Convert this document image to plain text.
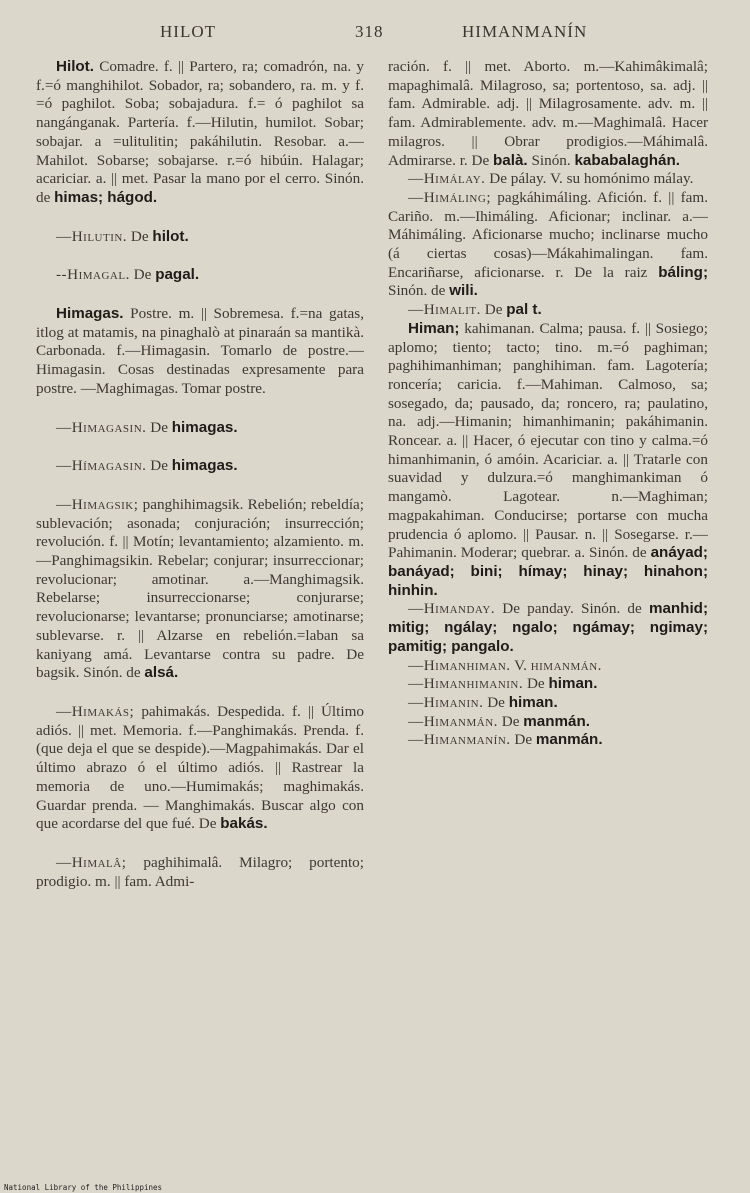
HILOT	318	HIMANMANÍN

Hilot. Comadre. f. || Partero, ra; comadrón, na. y f.=ó manghihilot. Sobador, ra; sobandero, ra. m. y f. =ó paghilot. Soba; sobajadura. f.= ó paghilot sa nangánganak. Partería. f.—Hilutin, humilot. Sobar; sobajar. a =ulitulitin; pakáhilutin. Resobar. a.—Mahilot. Sobarse; sobajarse. r.=ó hibúin. Halagar; acariciar. a. || met. Pasar la mano por el cerro. Sinón. de himas; hágod.

—Hilutin. De hilot.

--Himagal. De pagal.

Himagas. Postre. m. || Sobremesa. f.=na gatas, itlog at matamis, na pinaghalò at pinaraán sa mantikà. Carbonada. f.—Himagasin. Tomarlo de postre.—Himagasin. Cosas destinadas expresamente para postre. —Maghimagas. Tomar postre.

—Himagasin. De himagas.

—Hímagasin. De himagas.

—Himagsik; panghihimagsik. Rebelión; rebeldía; sublevación; asonada; conjuración; insurrección; revolución. f. || Motín; levantamiento; alzamiento. m.—Panghimagsikin. Rebelar; conjurar; insurreccionar; revolucionar; amotinar. a.—Manghimagsik. Rebelarse; insurreccionarse; conjurarse; revolucionarse; levantarse; pronunciarse; amotinarse; sublevarse. r. || Alzarse en rebelión.=laban sa kaniyang amá. Levantarse contra su padre. De bagsik. Sinón. de alsá.

—Himakás; pahimakás. Despedida. f. || Último adiós. || met. Memoria. f.—Panghimakás. Prenda. f. (que deja el que se despide).—Magpahimakás. Dar el último abrazo ó el último adiós. || Rastrear la memoria de uno.—Humimakás; maghimakás. Guardar prenda. — Manghimakás. Buscar algo con que acordarse del que fué. De bakás.

—Himalâ; paghihimalâ. Milagro; portento; prodigio. m. || fam. Admi-

ración. f. || met. Aborto. m.—Kahimâkimalâ; mapaghimalâ. Milagroso, sa; portentoso, sa. adj. || fam. Admirable. adj. || Milagrosamente. adv. m. || fam. Admirablemente. adv. m.—Maghimalâ. Hacer milagros. || Obrar prodigios.—Máhimalâ. Admirarse. r. De balà. Sinón. kababalaghán.

—Himálay. De pálay. V. su homónimo málay.

—Himáling; pagkáhimáling. Afición. f. || fam. Cariño. m.—Ihimáling. Aficionar; inclinar. a.—Máhimáling. Aficionarse mucho; inclinarse mucho (á ciertas cosas)—Mákahimalingan. fam. Encariñarse, aficionarse. r. De la raiz báling; Sinón. de wili.

—Himalit. De pal t.

Himan; kahimanan. Calma; pausa. f. || Sosiego; aplomo; tiento; tacto; tino. m.=ó paghiman; paghihimanhiman; panghihiman. fam. Lagotería; roncería; caricia. f.—Mahiman. Calmoso, sa; sosegado, da; pausado, da; roncero, ra; paulatino, na. adj.—Himanin; himanhimanin; pakáhimanin. Roncear. a. || Hacer, ó ejecutar con tino y calma.=ó himanhimanin, ó amóin. Acariciar. a. || Tratarle con suavidad y dulzura.=ó manghimankiman ó mangamò. Lagotear. n.—Maghiman; magpakahiman. Conducirse; portarse con mucha prudencia ó aplomo. || Pausar. n. || Sosegarse. r.—Pahimanin. Moderar; quebrar. a. Sinón. de anáyad; banáyad; bini; hímay; hinay; hinahon; hinhin.

—Himanday. De panday. Sinón. de manhid; mitig; ngálay; ngalo; ngámay; ngimay; pamitig; pangalo.

—Himanhiman. V. himanmán.

—Himanhimanin. De himan.

—Himanin. De himan.

—Himanmán. De manmán.

—Himanmanín. De manmán.

National Library of the Philippines
